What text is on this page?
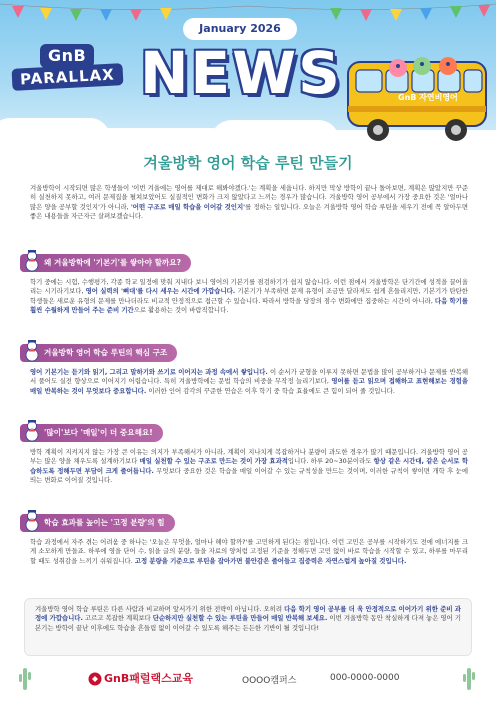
GnB
PARALLAX
January 2026
NEWS	GnB 자연비영어
겨울방학 영어 학습 루틴 만들기
겨울방학이 시작되면 많은 학생들이 '이번 겨울에는 영어를 제대로 해봐야겠다.'는 계획을 세웁니다. 하지만 막상 방학이 끝나 돌아보면, 계획은 많았지만 꾸준히 실천하지 못하고, 여러 문제집을 펼쳐보았어도 실질적인 변화가 크지 않았다고 느끼는 경우가 많습니다. 겨울방학 영어 공부에서 가장 중요한 것은 '얼마나 많은 양을 공부할 것인지'가 아니라, '어떤 구조로 매일 학습을 이어갈 것인지'를 정하는 일입니다. 오늘은 겨울방학 영어 학습 루틴을 세우기 전에 꼭 알아두면 좋은 내용들을 자근자근 살펴보겠습니다.
왜 겨울방학에 '기본기'를 쌓아야 할까요?
학기 중에는 시험, 수행평가, 각종 학교 일정에 맞춰 지내다 보니 영어의 기본기를 점검하기가 쉽지 않습니다. 이런 점에서 겨울방학은 단기간에 성적을 끌어올리는 시기라기보다, 영어 실력의 '뼈대'를 다시 세우는 시간에 가깝습니다. 기본기가 부족하면 문제 유형이 조금만 달라져도 쉽게 흔들리지만, 기본기가 탄탄한 학생들은 새로운 유형의 문제를 만나더라도 비교적 안정적으로 접근할 수 있습니다. 따라서 방학을 당장의 점수 변화에만 집중하는 시간이 아니라, 다음 학기를 훨씬 수월하게 만들어 주는 준비 기간으로 활용하는 것이 바람직합니다.
겨울방학 영어 학습 루틴의 핵심 구조
영어 기본기는 듣기와 읽기, 그리고 말하기와 쓰기로 이어지는 과정 속에서 쌓입니다. 이 순서가 균형을 이루지 못하면 문법을 많이 공부하거나 문제를 반복해서 풀어도 실전 향상으로 이어지기 어렵습니다. 특히 겨울방학에는 문법 학습의 비중을 무작정 늘리기보다, 영어를 듣고 읽으며 접해하고 표현해보는 경험을 매일 반복하는 것이 무엇보다 중요합니다. 이러한 인어 감각의 꾸준한 연습은 이후 학기 중 학습 효율에도 큰 힘이 되어 줄 것입니다.
'많이'보다 '매일'이 더 중요해요!
방학 계획이 지켜지지 않는 가장 큰 이유는 의지가 부족해서가 아니라, 계획이 지나치게 복잡하거나 분량이 과도한 경우가 많기 때문입니다. 겨울방학 영어 공부는 많은 양을 채우도록 설계하기보다 매일 실천할 수 있는 구조로 만드는 것이 가장 효과적입니다. 하루 20~30분이라도 항상 같은 시간대, 같은 순서로 학습하도록 정해두면 부담이 크게 줄어듭니다. 무엇보다 중요한 것은 학습을 매일 이어갈 수 있는 규칙성을 만드는 것이며, 이러한 규칙이 쌓이면 개학 후 눈에 띄는 변화로 이어질 것입니다.
학습 효과를 높이는 '고정 분량'의 힘
학습 과정에서 자주 겪는 어려움 중 하나는 '오늘은 무엇을, 얼마나 해야 할까?'를 고민하게 된다는 점입니다. 이런 고민은 공부를 시작하기도 전에 에너지를 크게 소모하게 만들죠. 하루에 영을 단어 수, 읽을 글의 분량, 들을 자료의 양처럼 고정된 기준을 정해두면 고민 없이 바로 학습을 시작할 수 있고, 하루를 마무리할 때도 성취감을 느끼기 쉬워집니다. 고정 분량을 기준으로 루틴을 잡아가면 불안감은 줄어들고 집중력은 자연스럽게 높아질 것입니다.
겨울방학 영어 학습 루틴은 다른 사람과 비교하며 앞서가기 위한 전략이 아닙니다. 오히려 다음 학기 영어 공부를 더 욱 안정적으로 이어가기 위한 준비 과정에 가깝습니다. 고르고 복잡한 계획보다 단순하지만 실천할 수 있는 루틴을 만들어 매일 반복해 보세요. 이번 겨울방학 동안 착실하게 다져 놓은 영어 기본기는 방학이 끝난 이후에도 학습을 흔들림 없이 이어갈 수 있도록 해주는 든든한 기반이 될 것입니다!
GnB패럴랙스교육	OOOO캠퍼스	000-0000-0000
